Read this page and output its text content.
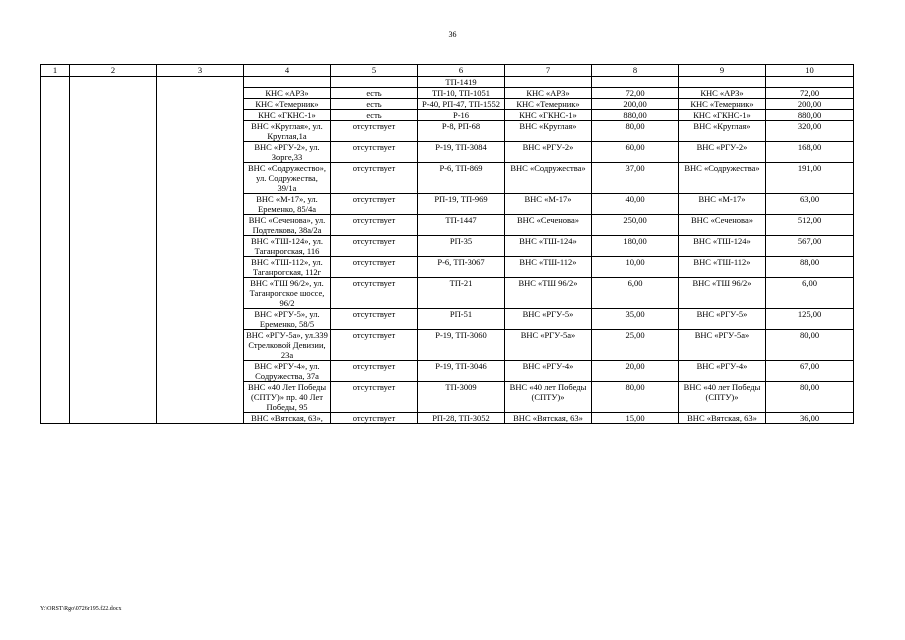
36
1	2	3	4	5	6	7	8	9	10
					ТП-1419				
			КНС «АРЗ»	есть	ТП-10, ТП-1051	КНС «АРЗ»	72,00	КНС «АРЗ»	72,00
			КНС «Темерник»	есть	Р-40, РП-47, ТП-1552	КНС «Темерник»	200,00	КНС «Темерник»	200,00
			КНС «ГКНС-1»	есть	Р-16	КНС «ГКНС-1»	880,00	КНС «ГКНС-1»	880,00
			ВНС «Круглая», ул. Круглая,1а	отсутствует	Р-8, РП-68	ВНС «Круглая»	80,00	ВНС «Круглая»	320,00
			ВНС «РГУ-2», ул. Зорге,33	отсутствует	Р-19, ТП-3084	ВНС «РГУ-2»	60,00	ВНС «РГУ-2»	168,00
			ВНС «Содружество», ул. Содружества, 39/1а	отсутствует	Р-6, ТП-869	ВНС «Содружества»	37,00	ВНС «Содружества»	191,00
			ВНС «М-17», ул. Еременко, 85/4а	отсутствует	РП-19, ТП-969	ВНС «М-17»	40,00	ВНС «М-17»	63,00
			ВНС «Сеченова», ул. Подтелкова, 38а/2а	отсутствует	ТП-1447	ВНС «Сеченова»	250,00	ВНС «Сеченова»	512,00
			ВНС «ТШ-124», ул. Таганрогская, 116	отсутствует	РП-35	ВНС «ТШ-124»	180,00	ВНС «ТШ-124»	567,00
			ВНС «ТШ-112», ул. Таганрогская, 112г	отсутствует	Р-6, ТП-3067	ВНС «ТШ-112»	10,00	ВНС «ТШ-112»	88,00
			ВНС «ТШ 96/2», ул. Таганрогское шоссе, 96/2	отсутствует	ТП-21	ВНС «ТШ 96/2»	6,00	ВНС «ТШ 96/2»	6,00
			ВНС «РГУ-5», ул. Еременко, 58/5	отсутствует	РП-51	ВНС «РГУ-5»	35,00	ВНС «РГУ-5»	125,00
			ВНС «РГУ-5а», ул.339 Стрелковой Девизии, 23а	отсутствует	Р-19, ТП-3060	ВНС «РГУ-5а»	25,00	ВНС «РГУ-5а»	80,00
			ВНС «РГУ-4», ул. Содружества, 37а	отсутствует	Р-19, ТП-3046	ВНС «РГУ-4»	20,00	ВНС «РГУ-4»	67,00
			ВНС «40 Лет Победы (СПТУ)» пр. 40 Лет Победы, 95	отсутствует	ТП-3009	ВНС «40 лет Победы (СПТУ)»	80,00	ВНС «40 лет Победы (СПТУ)»	80,00
			ВНС «Вятская, 63»,	отсутствует	РП-28, ТП-3052	ВНС «Вятская, 63»	15,00	ВНС «Вятская, 63»	36,00
Y:\ORST\Rgo\0726r195.f22.docx
